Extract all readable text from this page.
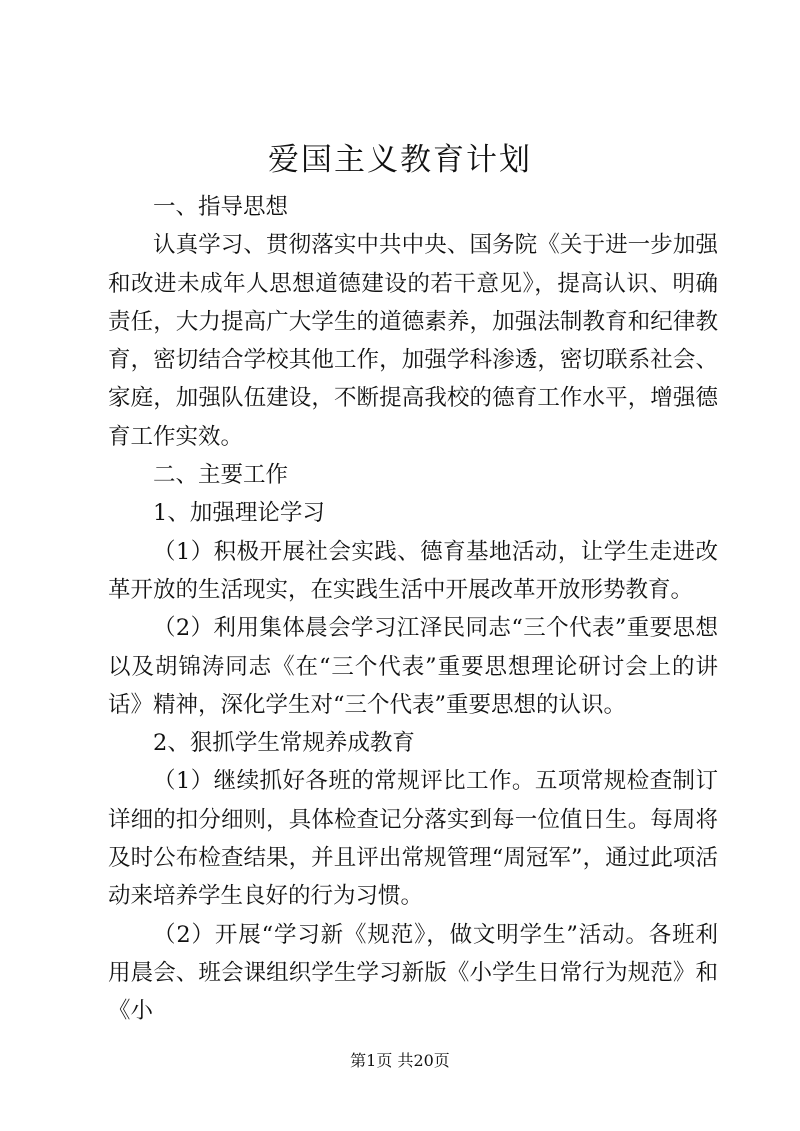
爱国主义教育计划

一、指导思想

认真学习、贯彻落实中共中央、国务院《关于进一步加强和改进未成年人思想道德建设的若干意见》，提高认识、明确责任，大力提高广大学生的道德素养，加强法制教育和纪律教育，密切结合学校其他工作，加强学科渗透，密切联系社会、家庭，加强队伍建设，不断提高我校的德育工作水平，增强德育工作实效。

二、主要工作

1、加强理论学习

（1）积极开展社会实践、德育基地活动，让学生走进改革开放的生活现实，在实践生活中开展改革开放形势教育。

（2）利用集体晨会学习江泽民同志“三个代表”重要思想以及胡锦涛同志《在“三个代表”重要思想理论研讨会上的讲话》精神，深化学生对“三个代表”重要思想的认识。

2、狠抓学生常规养成教育

（1）继续抓好各班的常规评比工作。五项常规检查制订详细的扣分细则，具体检查记分落实到每一位值日生。每周将及时公布检查结果，并且评出常规管理“周冠军”，通过此项活动来培养学生良好的行为习惯。

（2）开展“学习新《规范》，做文明学生”活动。各班利用晨会、班会课组织学生学习新版《小学生日常行为规范》和《小

第1页 共20页
